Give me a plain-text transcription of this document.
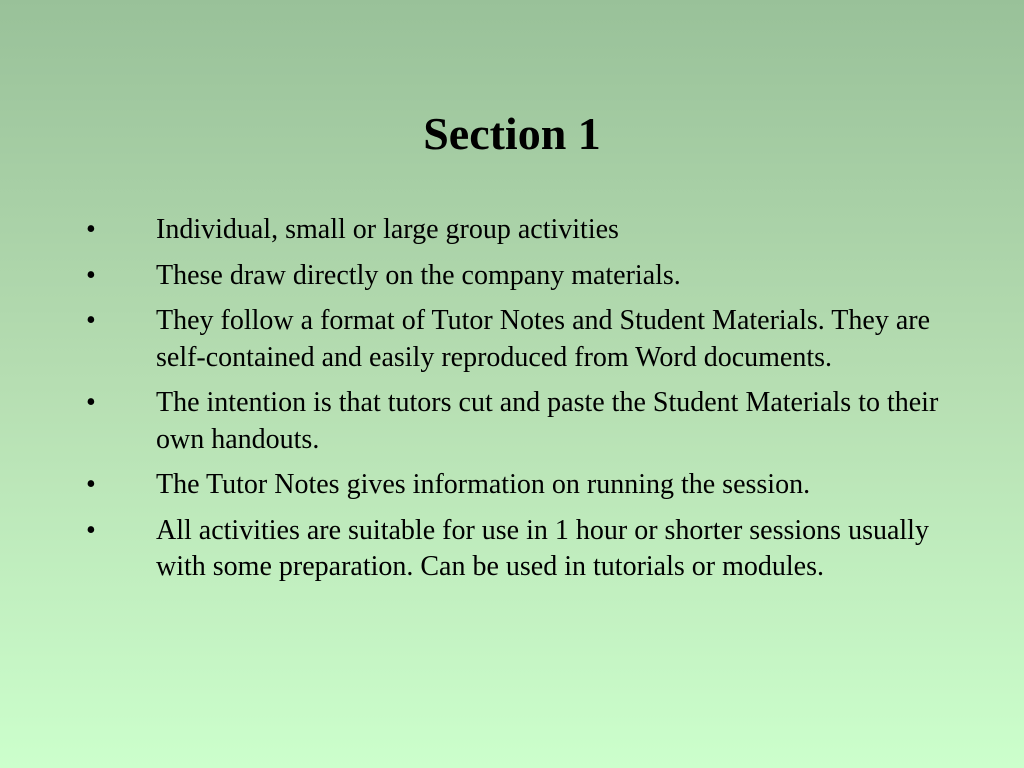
Section 1
• Individual, small or large group activities
• These draw directly on the company materials.
• They follow a format of Tutor Notes and Student Materials. They are self-contained and easily reproduced from Word documents.
• The intention is that tutors cut and paste the Student Materials to their own handouts.
• The Tutor Notes gives information on running the session.
• All activities are suitable for use in 1 hour or shorter sessions usually with some preparation. Can be used in tutorials or modules.
